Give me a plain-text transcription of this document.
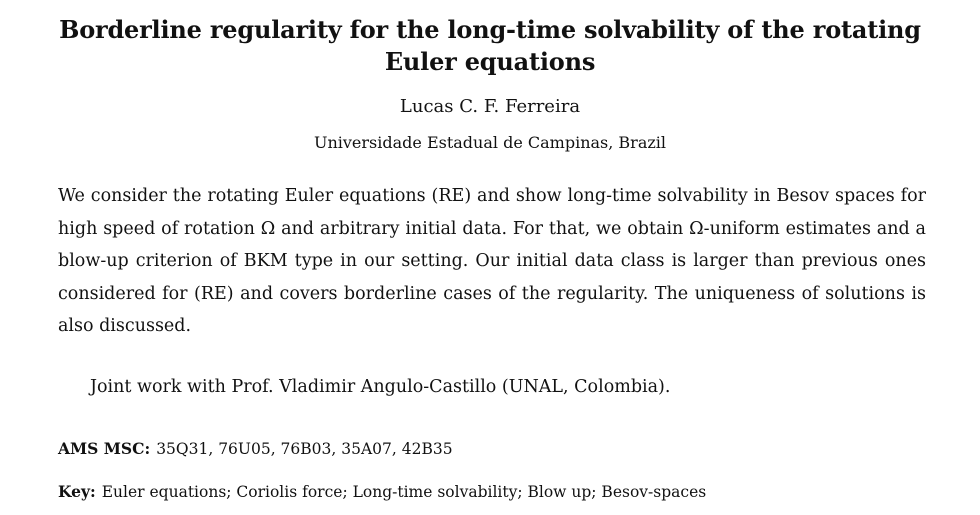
Borderline regularity for the long-time solvability of the rotating
Euler equations
Lucas C. F. Ferreira
Universidade Estadual de Campinas, Brazil

We consider the rotating Euler equations (RE) and show long-time solvability in Besov spaces for high speed of rotation Ω and arbitrary initial data. For that, we obtain Ω-uniform estimates and a blow-up criterion of BKM type in our setting. Our initial data class is larger than previous ones considered for (RE) and covers borderline cases of the regularity. The uniqueness of solutions is also discussed.

Joint work with Prof. Vladimir Angulo-Castillo (UNAL, Colombia).

AMS MSC: 35Q31, 76U05, 76B03, 35A07, 42B35

Key: Euler equations; Coriolis force; Long-time solvability; Blow up; Besov-spaces
